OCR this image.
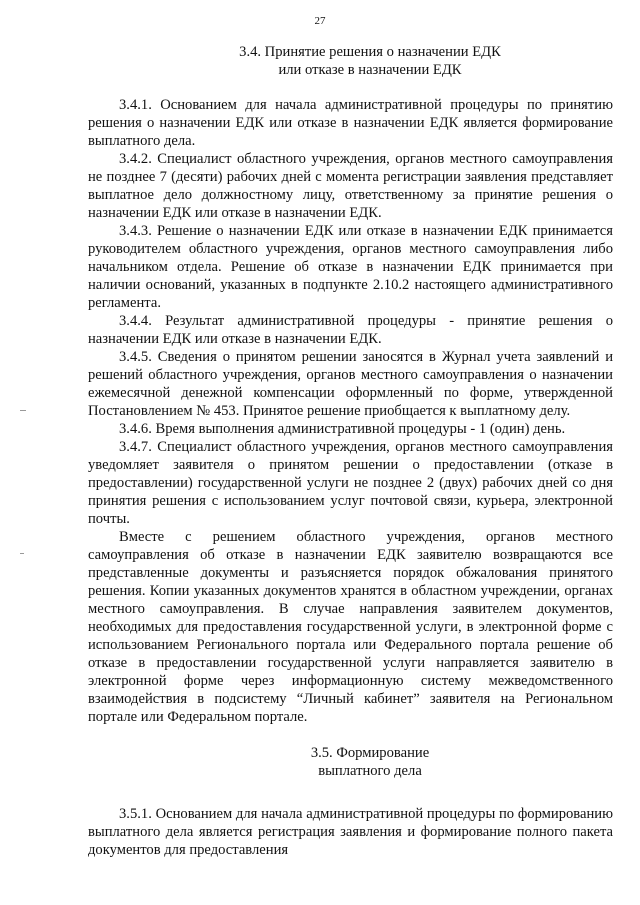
27
3.4. Принятие решения о назначении ЕДК
или отказе в назначении ЕДК

3.4.1. Основанием для начала административной процедуры по принятию решения о назначении ЕДК или отказе в назначении ЕДК является формирование выплатного дела.

3.4.2. Специалист областного учреждения, органов местного самоуправления не позднее 7 (десяти) рабочих дней с момента регистрации заявления представляет выплатное дело должностному лицу, ответственному за принятие решения о назначении ЕДК или отказе в назначении ЕДК.

3.4.3. Решение о назначении ЕДК или отказе в назначении ЕДК принимается руководителем областного учреждения, органов местного самоуправления либо начальником отдела. Решение об отказе в назначении ЕДК принимается при наличии оснований, указанных в подпункте 2.10.2 настоящего административного регламента.

3.4.4. Результат административной процедуры - принятие решения о назначении ЕДК или отказе в назначении ЕДК.

3.4.5. Сведения о принятом решении заносятся в Журнал учета заявлений и решений областного учреждения, органов местного самоуправления о назначении ежемесячной денежной компенсации оформленный по форме, утвержденной Постановлением № 453. Принятое решение приобщается к выплатному делу.

3.4.6. Время выполнения административной процедуры - 1 (один) день.

3.4.7. Специалист областного учреждения, органов местного самоуправления уведомляет заявителя о принятом решении о предоставлении (отказе в предоставлении) государственной услуги не позднее 2 (двух) рабочих дней со дня принятия решения с использованием услуг почтовой связи, курьера, электронной почты.

Вместе с решением областного учреждения, органов местного самоуправления об отказе в назначении ЕДК заявителю возвращаются все представленные документы и разъясняется порядок обжалования принятого решения. Копии указанных документов хранятся в областном учреждении, органах местного самоуправления. В случае направления заявителем документов, необходимых для предоставления государственной услуги, в электронной форме с использованием Регионального портала или Федерального портала решение об отказе в предоставлении государственной услуги направляется заявителю в электронной форме через информационную систему межведомственного взаимодействия в подсистему “Личный кабинет” заявителя на Региональном портале или Федеральном портале.

3.5. Формирование
выплатного дела

3.5.1. Основанием для начала административной процедуры по формированию выплатного дела является регистрация заявления и формирование полного пакета документов для предоставления
